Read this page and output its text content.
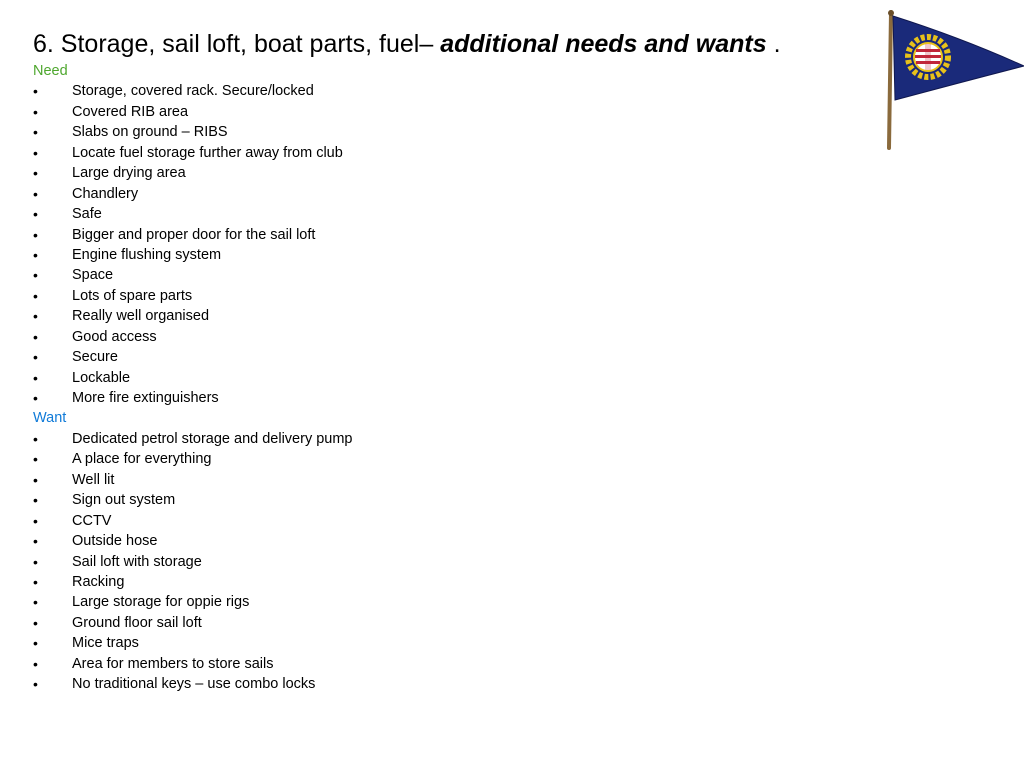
6. Storage, sail loft, boat parts, fuel– additional needs and wants .
Need
•	Storage, covered rack. Secure/locked
•	Covered RIB area
•	Slabs on ground – RIBS
•	Locate fuel storage further away from club
•	Large drying area
•	Chandlery
•	Safe
•	Bigger and proper door for the sail loft
•	Engine flushing system
•	Space
•	Lots of spare parts
•	Really well organised
•	Good access
•	Secure
•	Lockable
•	More fire extinguishers
Want
•	Dedicated petrol storage and delivery pump
•	A place for everything
•	Well lit
•	Sign out system
•	CCTV
•	Outside hose
•	Sail loft with storage
•	Racking
•	Large storage for oppie rigs
•	Ground floor sail loft
•	Mice traps
•	Area for members to store sails
•	No traditional keys – use combo locks
